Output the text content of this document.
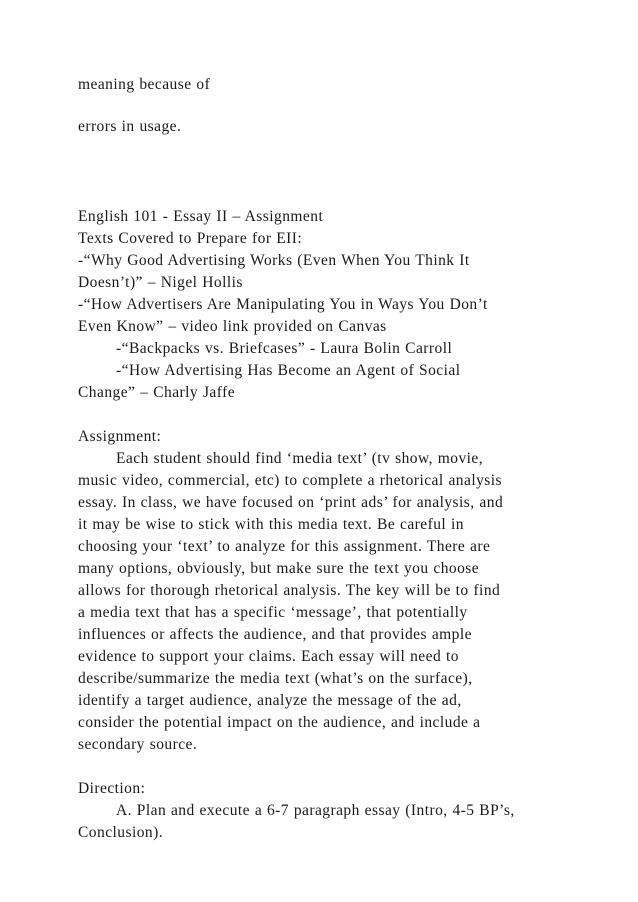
meaning because of
errors in usage.
English 101 - Essay II – Assignment
Texts Covered to Prepare for EII:
-“Why Good Advertising Works (Even When You Think It
Doesn’t)” – Nigel Hollis
-“How Advertisers Are Manipulating You in Ways You Don’t
Even Know” – video link provided on Canvas
-“Backpacks vs. Briefcases” - Laura Bolin Carroll
-“How Advertising Has Become an Agent of Social
Change” – Charly Jaffe
Assignment:
Each student should find ‘media text’ (tv show, movie,
music video, commercial, etc) to complete a rhetorical analysis
essay. In class, we have focused on ‘print ads’ for analysis, and
it may be wise to stick with this media text. Be careful in
choosing your ‘text’ to analyze for this assignment. There are
many options, obviously, but make sure the text you choose
allows for thorough rhetorical analysis. The key will be to find
a media text that has a specific ‘message’, that potentially
influences or affects the audience, and that provides ample
evidence to support your claims. Each essay will need to
describe/summarize the media text (what’s on the surface),
identify a target audience, analyze the message of the ad,
consider the potential impact on the audience, and include a
secondary source.
Direction:
A. Plan and execute a 6-7 paragraph essay (Intro, 4-5 BP’s,
Conclusion).
